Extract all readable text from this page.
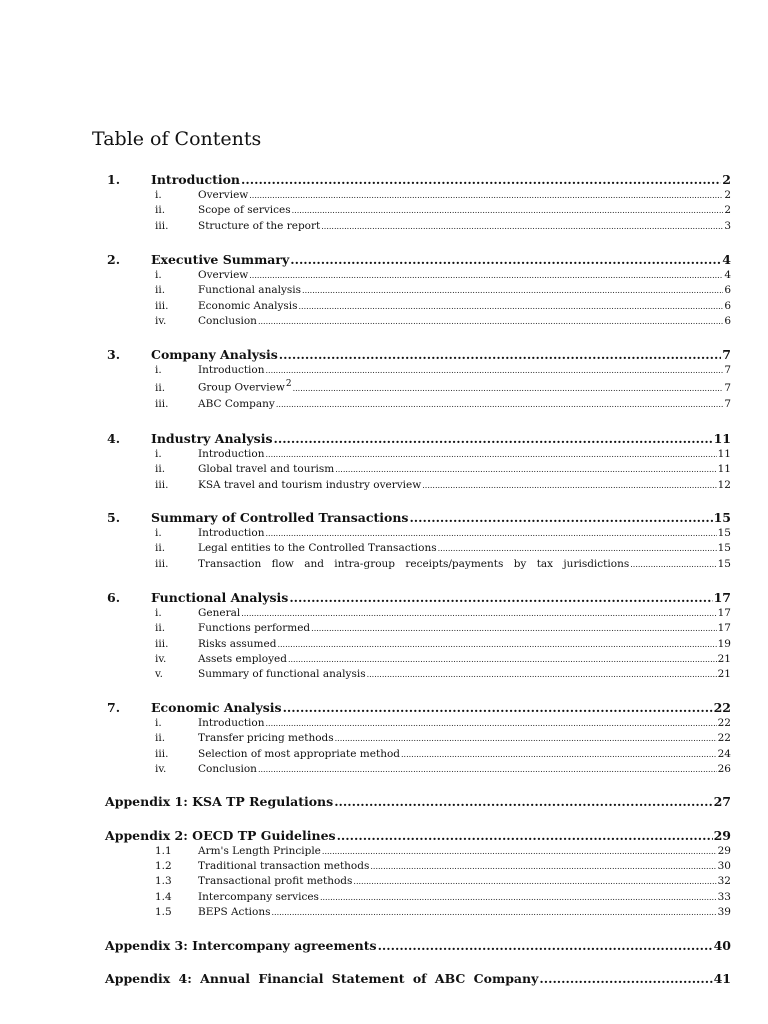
Table of Contents
1.	Introduction .....	2
i.	Overview .....	2
ii.	Scope of services .....	2
iii.	Structure of the report .....	3
2.	Executive Summary .....	4
i.	Overview .....	4
ii.	Functional analysis .....	6
iii.	Economic Analysis .....	6
iv.	Conclusion .....	6
3.	Company Analysis .....	7
i.	Introduction .....	7
ii.	Group Overview2 .....	7
iii.	ABC Company .....	7
4.	Industry Analysis .....	11
i.	Introduction .....	11
ii.	Global travel and tourism .....	11
iii.	KSA travel and tourism industry overview .....	12
5.	Summary of Controlled Transactions .....	15
i.	Introduction .....	15
ii.	Legal entities to the Controlled Transactions .....	15
iii.	Transaction flow and intra-group receipts/payments by tax jurisdictions .....	15
6.	Functional Analysis .....	17
i.	General .....	17
ii.	Functions performed .....	17
iii.	Risks assumed .....	19
iv.	Assets employed .....	21
v.	Summary of functional analysis .....	21
7.	Economic Analysis .....	22
i.	Introduction .....	22
ii.	Transfer pricing methods .....	22
iii.	Selection of most appropriate method .....	24
iv.	Conclusion .....	26
Appendix 1: KSA TP Regulations .....	27
Appendix 2: OECD TP Guidelines .....	29
1.1	Arm's Length Principle .....	29
1.2	Traditional transaction methods .....	30
1.3	Transactional profit methods .....	32
1.4	Intercompany services .....	33
1.5	BEPS Actions .....	39
Appendix 3: Intercompany agreements .....	40
Appendix 4: Annual Financial Statement of ABC Company .....	41
